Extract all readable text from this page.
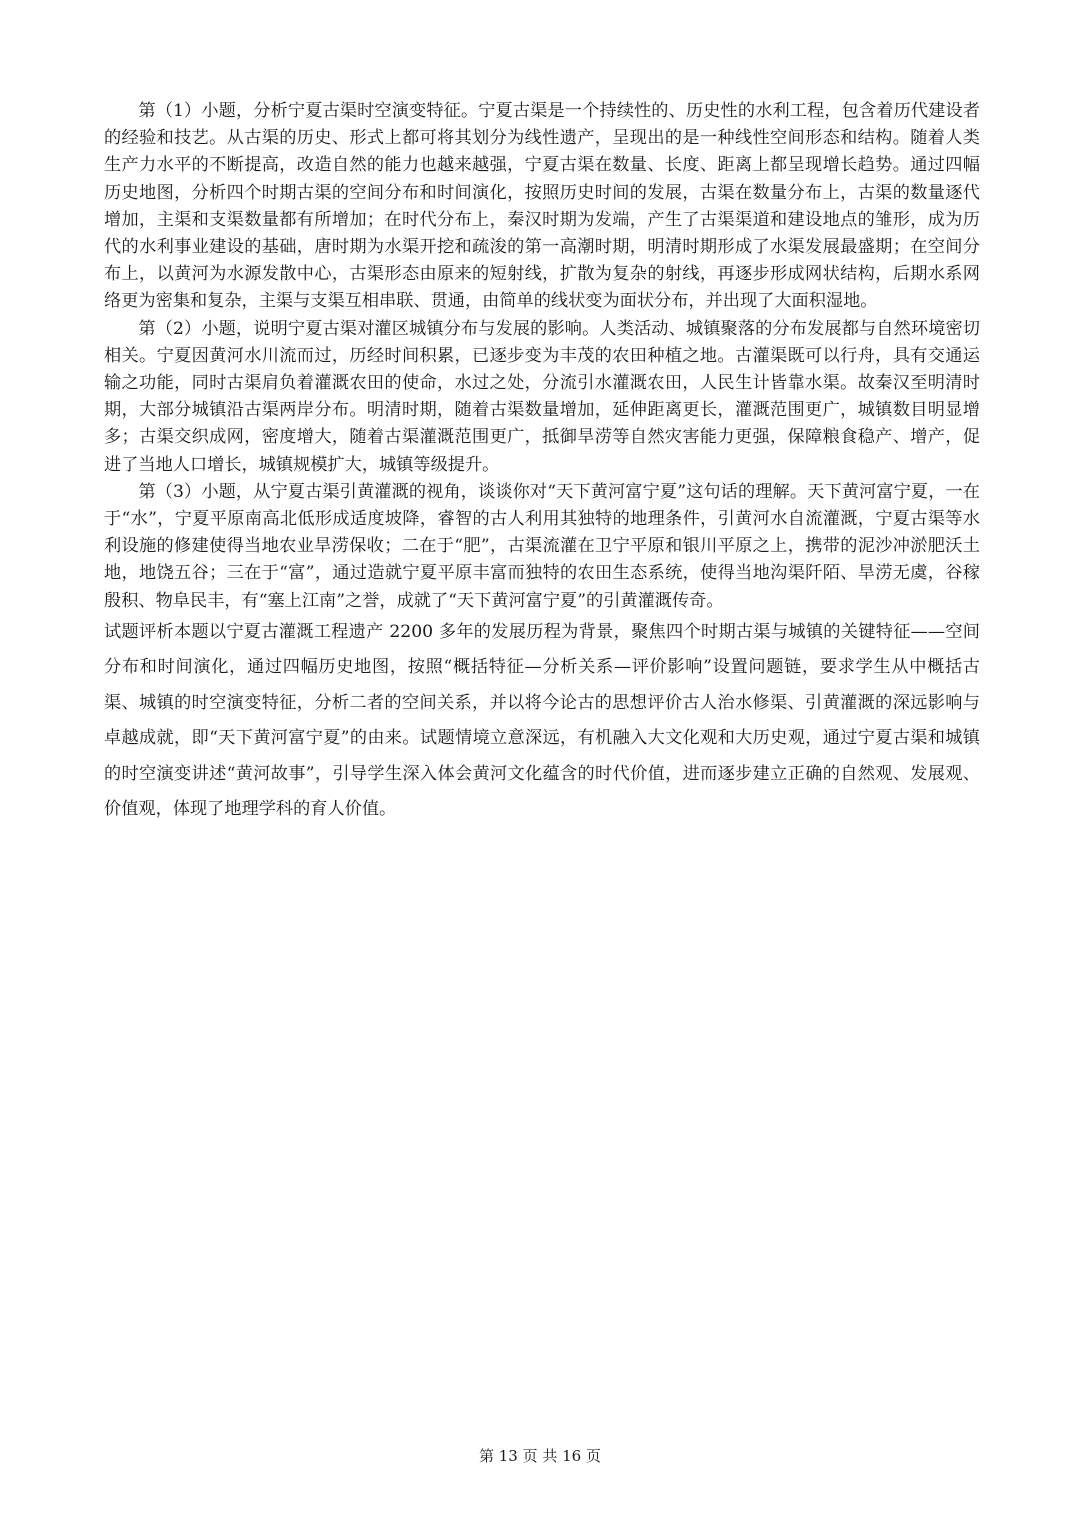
第（1）小题，分析宁夏古渠时空演变特征。宁夏古渠是一个持续性的、历史性的水利工程，包含着历代建设者的经验和技艺。从古渠的历史、形式上都可将其划分为线性遗产，呈现出的是一种线性空间形态和结构。随着人类生产力水平的不断提高，改造自然的能力也越来越强，宁夏古渠在数量、长度、距离上都呈现增长趋势。通过四幅历史地图，分析四个时期古渠的空间分布和时间演化，按照历史时间的发展，古渠在数量分布上，古渠的数量逐代增加，主渠和支渠数量都有所增加；在时代分布上，秦汉时期为发端，产生了古渠渠道和建设地点的雏形，成为历代的水利事业建设的基础，唐时期为水渠开挖和疏浚的第一高潮时期，明清时期形成了水渠发展最盛期；在空间分布上，以黄河为水源发散中心，古渠形态由原来的短射线，扩散为复杂的射线，再逐步形成网状结构，后期水系网络更为密集和复杂，主渠与支渠互相串联、贯通，由简单的线状变为面状分布，并出现了大面积湿地。

第（2）小题，说明宁夏古渠对灌区城镇分布与发展的影响。人类活动、城镇聚落的分布发展都与自然环境密切相关。宁夏因黄河水川流而过，历经时间积累，已逐步变为丰茂的农田种植之地。古灌渠既可以行舟，具有交通运输之功能，同时古渠肩负着灌溉农田的使命，水过之处，分流引水灌溉农田，人民生计皆靠水渠。故秦汉至明清时期，大部分城镇沿古渠两岸分布。明清时期，随着古渠数量增加，延伸距离更长，灌溉范围更广，城镇数目明显增多；古渠交织成网，密度增大，随着古渠灌溉范围更广，抵御旱涝等自然灾害能力更强，保障粮食稳产、增产，促进了当地人口增长，城镇规模扩大，城镇等级提升。

第（3）小题，从宁夏古渠引黄灌溉的视角，谈谈你对“天下黄河富宁夏”这句话的理解。天下黄河富宁夏，一在于“水”，宁夏平原南高北低形成适度坡降，睿智的古人利用其独特的地理条件，引黄河水自流灌溉，宁夏古渠等水利设施的修建使得当地农业旱涝保收；二在于“肥”，古渠流灌在卫宁平原和银川平原之上，携带的泥沙冲淤肥沃土地，地饶五谷；三在于“富”，通过造就宁夏平原丰富而独特的农田生态系统，使得当地沟渠阡陌、旱涝无虞，谷稼殷积、物阜民丰，有“塞上江南”之誉，成就了“天下黄河富宁夏”的引黄灌溉传奇。

试题评析本题以宁夏古灌溉工程遗产 2200 多年的发展历程为背景，聚焦四个时期古渠与城镇的关键特征——空间分布和时间演化，通过四幅历史地图，按照“概括特征—分析关系—评价影响”设置问题链，要求学生从中概括古渠、城镇的时空演变特征，分析二者的空间关系，并以将今论古的思想评价古人治水修渠、引黄灌溉的深远影响与卓越成就，即“天下黄河富宁夏”的由来。试题情境立意深远，有机融入大文化观和大历史观，通过宁夏古渠和城镇的时空演变讲述“黄河故事”，引导学生深入体会黄河文化蕴含的时代价值，进而逐步建立正确的自然观、发展观、价值观，体现了地理学科的育人价值。

第 13 页 共 16 页
